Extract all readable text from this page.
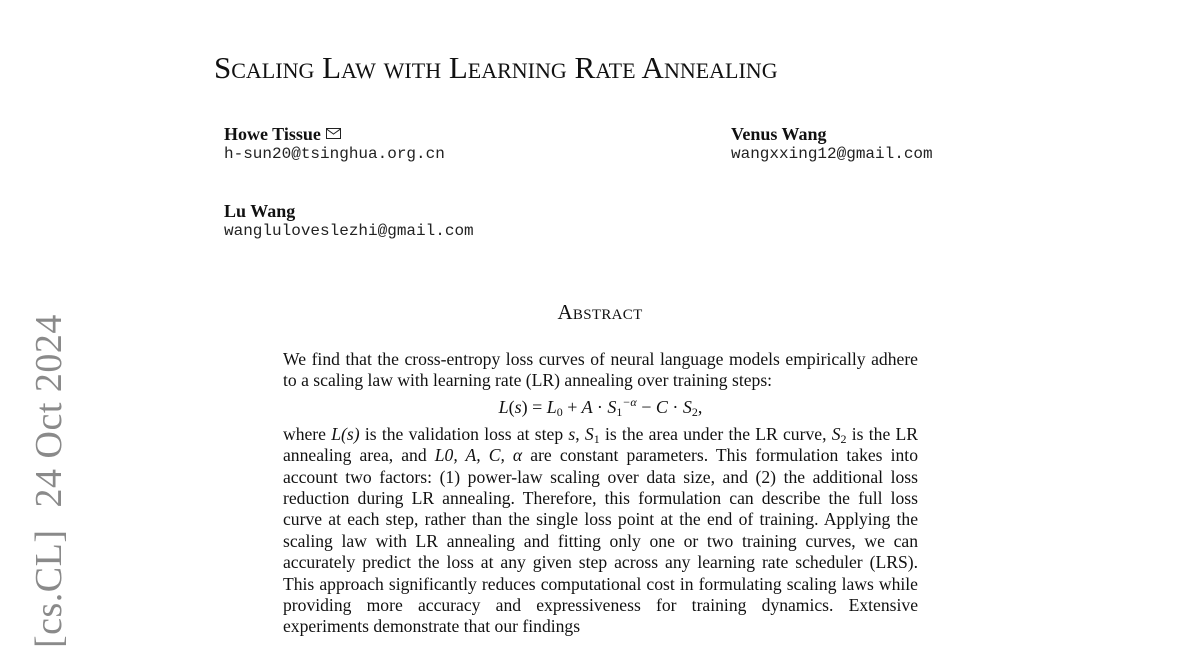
[cs.CL]24 Oct 2024
Scaling Law with Learning Rate Annealing
Howe Tissue
h-sun20@tsinghua.org.cn
Venus Wang
wangxxing12@gmail.com
Lu Wang
wangluloveslezhi@gmail.com
Abstract

We find that the cross-entropy loss curves of neural language models empirically adhere to a scaling law with learning rate (LR) annealing over training steps:

$L(s) = L_0 + A \cdot S_1^{-\alpha} - C \cdot S_2$,

where L(s) is the validation loss at step s, $S_1$ is the area under the LR curve, $S_2$ is the LR annealing area, and L0, A, C, α are constant parameters. This formulation takes into account two factors: (1) power-law scaling over data size, and (2) the additional loss reduction during LR annealing. Therefore, this formulation can describe the full loss curve at each step, rather than the single loss point at the end of training. Applying the scaling law with LR annealing and fitting only one or two training curves, we can accurately predict the loss at any given step across any learning rate scheduler (LRS). This approach significantly reduces computational cost in formulating scaling laws while providing more accuracy and expressiveness for training dynamics. Extensive experiments demonstrate that our findings
